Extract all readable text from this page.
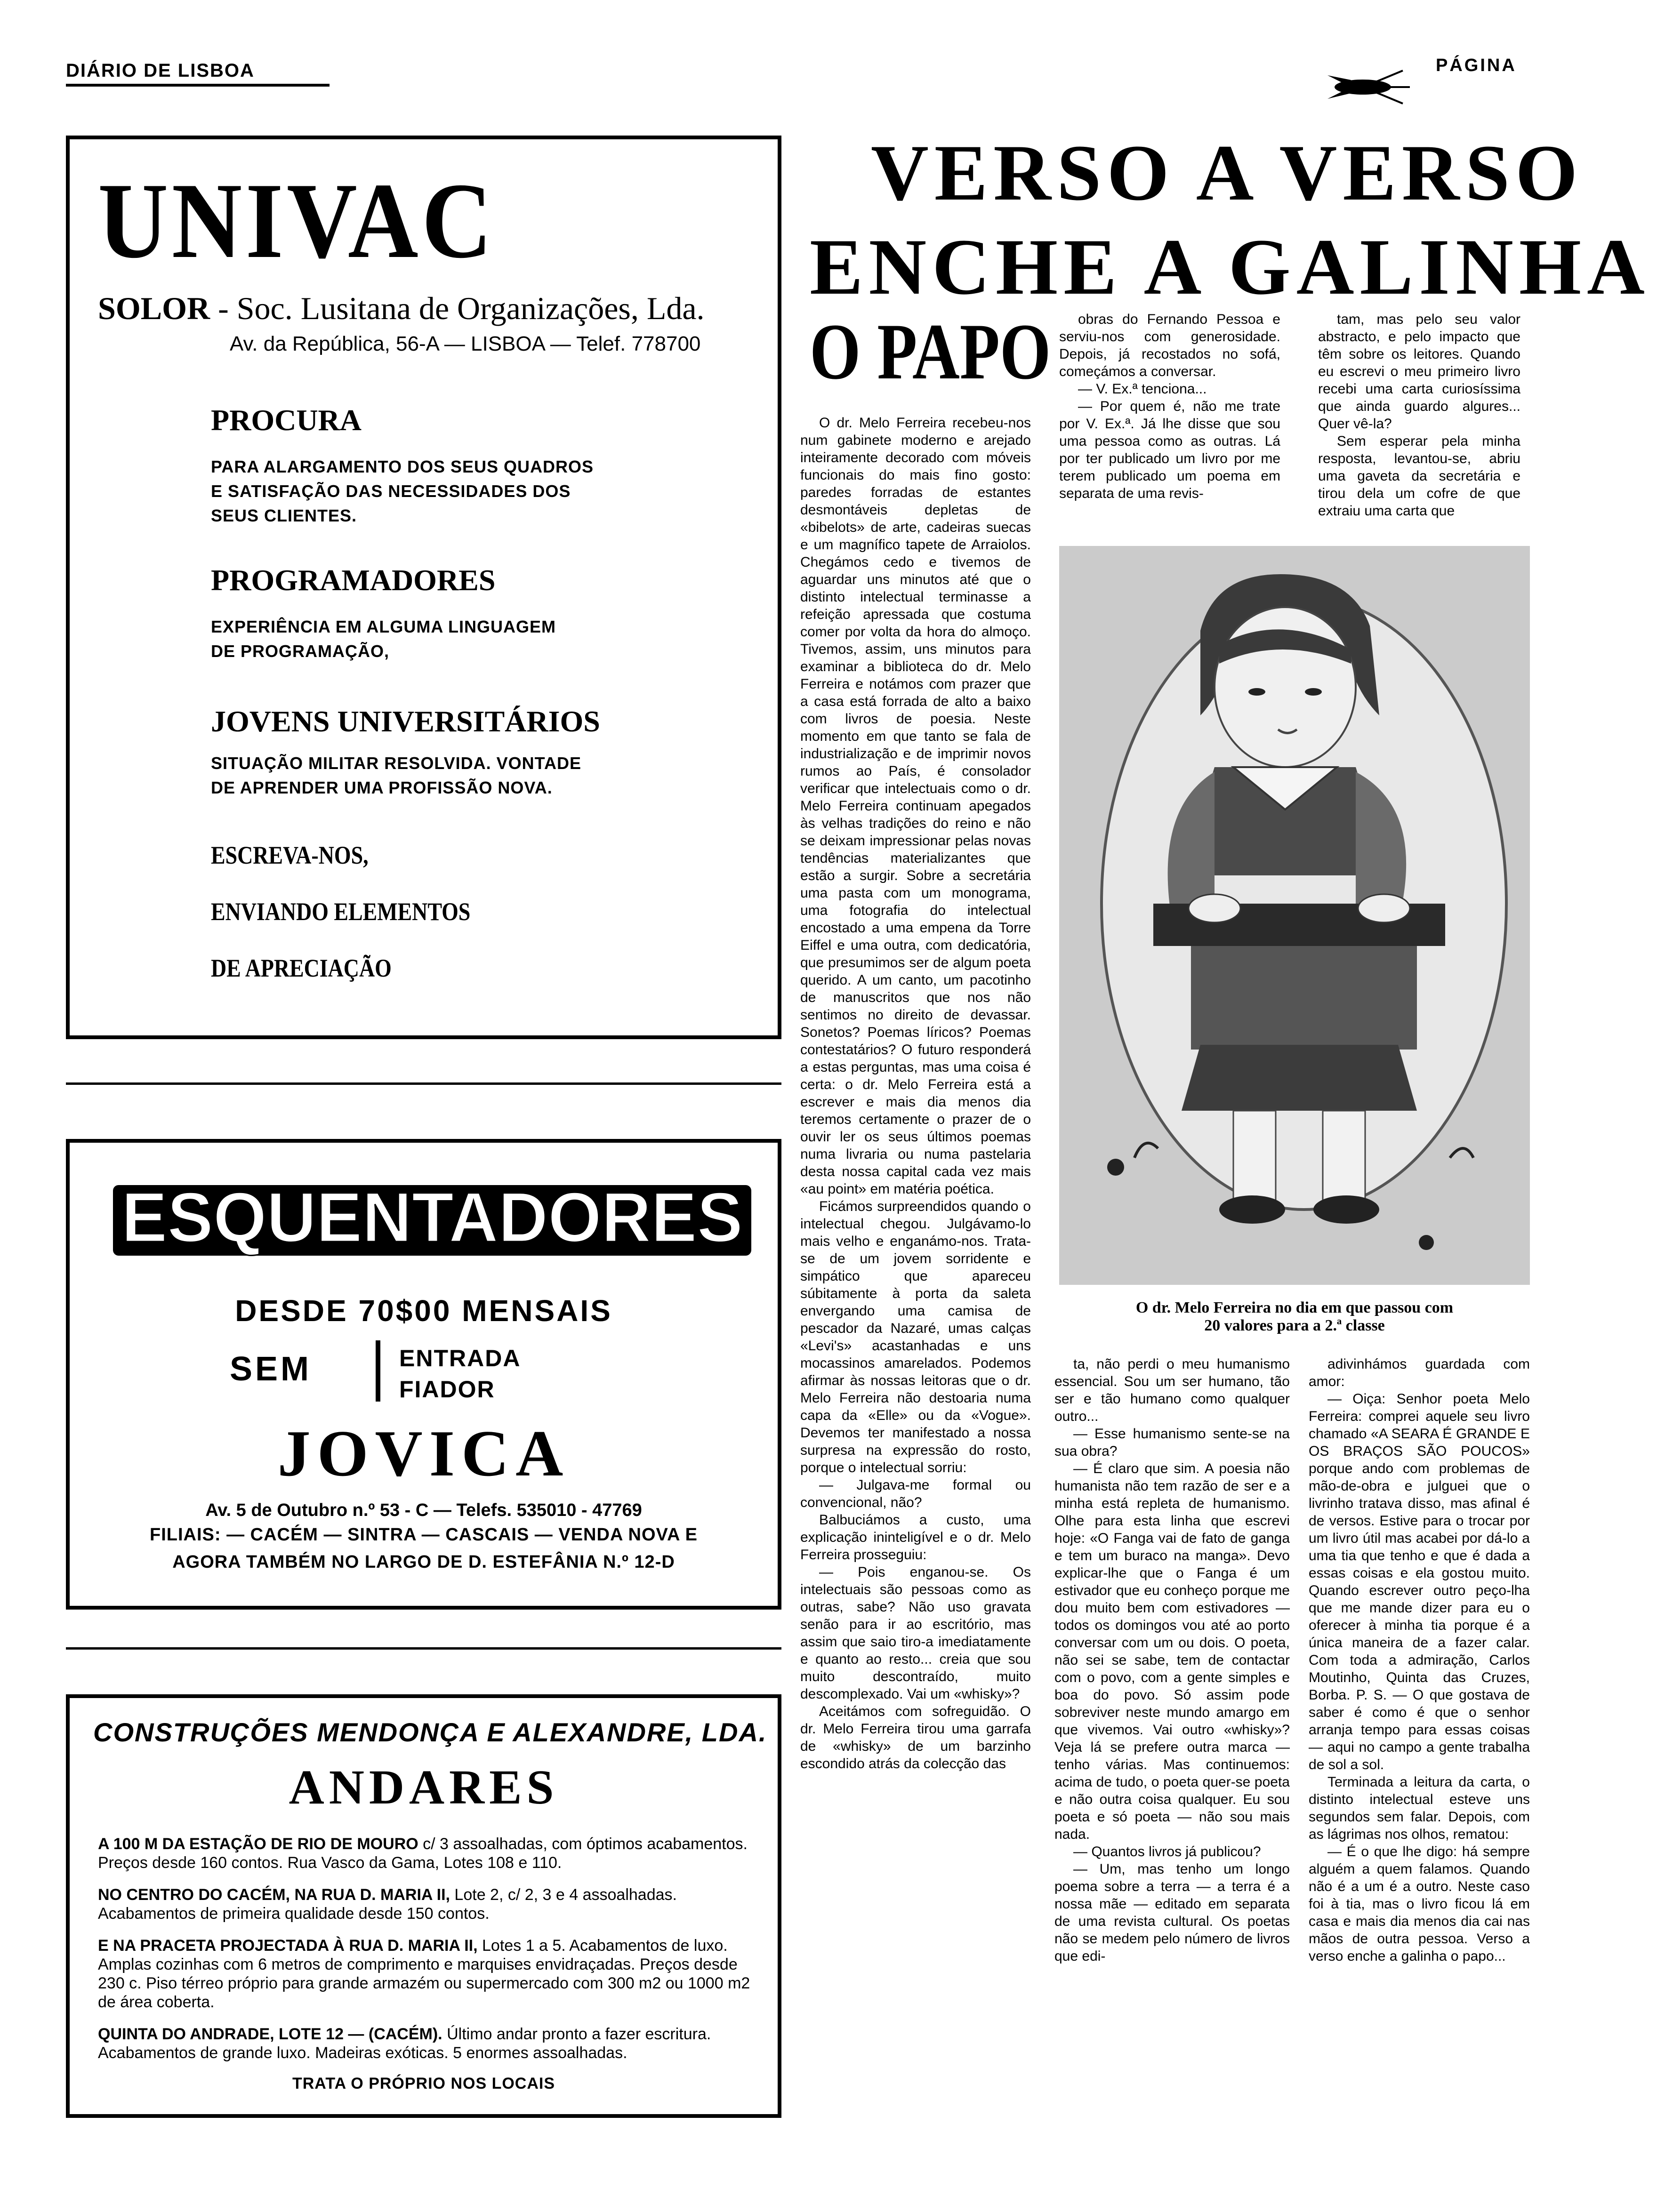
DIÁRIO DE LISBOA	PÁGINA
UNIVAC
SOLOR - Soc. Lusitana de Organizações, Lda.
Av. da República, 56-A — LISBOA — Telef. 778700
PROCURA
PARA ALARGAMENTO DOS SEUS QUADROS
E SATISFAÇÃO DAS NECESSIDADES DOS
SEUS CLIENTES.
PROGRAMADORES
EXPERIÊNCIA EM ALGUMA LINGUAGEM
DE PROGRAMAÇÃO,
JOVENS UNIVERSITÁRIOS
SITUAÇÃO MILITAR RESOLVIDA. VONTADE
DE APRENDER UMA PROFISSÃO NOVA.
ESCREVA-NOS,
ENVIANDO ELEMENTOS
DE APRECIAÇÃO
ESQUENTADORES
DESDE 70$00 MENSAIS
SEM	ENTRADA
FIADOR
JOVICA
Av. 5 de Outubro n.º 53 - C — Telefs. 535010 - 47769
FILIAIS: — CACÉM — SINTRA — CASCAIS — VENDA NOVA E
AGORA TAMBÉM NO LARGO DE D. ESTEFÂNIA N.º 12-D
CONSTRUÇÕES MENDONÇA E ALEXANDRE, LDA.
ANDARES

A 100 M DA ESTAÇÃO DE RIO DE MOURO c/ 3 assoalhadas, com óptimos acabamentos. Preços desde 160 contos. Rua Vasco da Gama, Lotes 108 e 110.

NO CENTRO DO CACÉM, NA RUA D. MARIA II, Lote 2, c/ 2, 3 e 4 assoalhadas. Acabamentos de primeira qualidade desde 150 contos.

E NA PRACETA PROJECTADA À RUA D. MARIA II, Lotes 1 a 5. Acabamentos de luxo. Amplas cozinhas com 6 metros de comprimento e marquises envidraçadas. Preços desde 230 c. Piso térreo próprio para grande armazém ou supermercado com 300 m2 ou 1000 m2 de área coberta.

QUINTA DO ANDRADE, LOTE 12 — (CACÉM). Último andar pronto a fazer escritura. Acabamentos de grande luxo. Madeiras exóticas. 5 enormes assoalhadas.

TRATA O PRÓPRIO NOS LOCAIS
VERSO A VERSO
ENCHE A GALINHA
O PAPO

O dr. Melo Ferreira recebeu-nos num gabinete moderno e arejado inteiramente decorado com móveis funcionais do mais fino gosto: paredes forradas de estantes desmontáveis depletas de «bibelots» de arte, cadeiras suecas e um magnífico tapete de Arraiolos. Chegámos cedo e tivemos de aguardar uns minutos até que o distinto intelectual terminasse a refeição apressada que costuma comer por volta da hora do almoço. Tivemos, assim, uns minutos para examinar a biblioteca do dr. Melo Ferreira e notámos com prazer que a casa está forrada de alto a baixo com livros de poesia. Neste momento em que tanto se fala de industrialização e de imprimir novos rumos ao País, é consolador verificar que intelectuais como o dr. Melo Ferreira continuam apegados às velhas tradições do reino e não se deixam impressionar pelas novas tendências materializantes que estão a surgir. Sobre a secretária uma pasta com um monograma, uma fotografia do intelectual encostado a uma empena da Torre Eiffel e uma outra, com dedicatória, que presumimos ser de algum poeta querido. A um canto, um pacotinho de manuscritos que nos não sentimos no direito de devassar. Sonetos? Poemas líricos? Poemas contestatários? O futuro responderá a estas perguntas, mas uma coisa é certa: o dr. Melo Ferreira está a escrever e mais dia menos dia teremos certamente o prazer de o ouvir ler os seus últimos poemas numa livraria ou numa pastelaria desta nossa capital cada vez mais «au point» em matéria poética.

Ficámos surpreendidos quando o intelectual chegou. Julgávamo-lo mais velho e enganámo-nos. Trata-se de um jovem sorridente e simpático que apareceu súbitamente à porta da saleta envergando uma camisa de pescador da Nazaré, umas calças «Levi's» acastanhadas e uns mocassinos amarelados. Podemos afirmar às nossas leitoras que o dr. Melo Ferreira não destoaria numa capa da «Elle» ou da «Vogue». Devemos ter manifestado a nossa surpresa na expressão do rosto, porque o intelectual sorriu:

— Julgava-me formal ou convencional, não?

Balbuciámos a custo, uma explicação ininteligível e o dr. Melo Ferreira prosseguiu:

— Pois enganou-se. Os intelectuais são pessoas como as outras, sabe? Não uso gravata senão para ir ao escritório, mas assim que saio tiro-a imediatamente e quanto ao resto... creia que sou muito descontraído, muito descomplexado. Vai um «whisky»?

Aceitámos com sofreguidão. O dr. Melo Ferreira tirou uma garrafa de «whisky» de um barzinho escondido atrás da colecção das

obras do Fernando Pessoa e serviu-nos com generosidade. Depois, já recostados no sofá, começámos a conversar.

— V. Ex.ª tenciona...

— Por quem é, não me trate por V. Ex.ª. Já lhe disse que sou uma pessoa como as outras. Lá por ter publicado um livro por me terem publicado um poema em separata de uma revis-

tam, mas pelo seu valor abstracto, e pelo impacto que têm sobre os leitores. Quando eu escrevi o meu primeiro livro recebi uma carta curiosíssima que ainda guardo algures... Quer vê-la?

Sem esperar pela minha resposta, levantou-se, abriu uma gaveta da secretária e tirou dela um cofre de que extraiu uma carta que

O dr. Melo Ferreira no dia em que passou com
20 valores para a 2.ª classe

ta, não perdi o meu humanismo essencial. Sou um ser humano, tão ser e tão humano como qualquer outro...

— Esse humanismo sente-se na sua obra?

— É claro que sim. A poesia não humanista não tem razão de ser e a minha está repleta de humanismo. Olhe para esta linha que escrevi hoje: «O Fanga vai de fato de ganga e tem um buraco na manga». Devo explicar-lhe que o Fanga é um estivador que eu conheço porque me dou muito bem com estivadores — todos os domingos vou até ao porto conversar com um ou dois. O poeta, não sei se sabe, tem de contactar com o povo, com a gente simples e boa do povo. Só assim pode sobreviver neste mundo amargo em que vivemos. Vai outro «whisky»? Veja lá se prefere outra marca — tenho várias. Mas continuemos: acima de tudo, o poeta quer-se poeta e não outra coisa qualquer. Eu sou poeta e só poeta — não sou mais nada.

— Quantos livros já publicou?

— Um, mas tenho um longo poema sobre a terra — a terra é a nossa mãe — editado em separata de uma revista cultural. Os poetas não se medem pelo número de livros que edi-

adivinhámos guardada com amor:

— Oiça: Senhor poeta Melo Ferreira: comprei aquele seu livro chamado «A SEARA É GRANDE E OS BRAÇOS SÃO POUCOS» porque ando com problemas de mão-de-obra e julguei que o livrinho tratava disso, mas afinal é de versos. Estive para o trocar por um livro útil mas acabei por dá-lo a uma tia que tenho e que é dada a essas coisas e ela gostou muito. Quando escrever outro peço-lha que me mande dizer para eu o oferecer à minha tia porque é a única maneira de a fazer calar. Com toda a admiração, Carlos Moutinho, Quinta das Cruzes, Borba. P. S. — O que gostava de saber é como é que o senhor arranja tempo para essas coisas — aqui no campo a gente trabalha de sol a sol.

Terminada a leitura da carta, o distinto intelectual esteve uns segundos sem falar. Depois, com as lágrimas nos olhos, rematou:

— É o que lhe digo: há sempre alguém a quem falamos. Quando não é a um é a outro. Neste caso foi à tia, mas o livro ficou lá em casa e mais dia menos dia cai nas mãos de outra pessoa. Verso a verso enche a galinha o papo...
